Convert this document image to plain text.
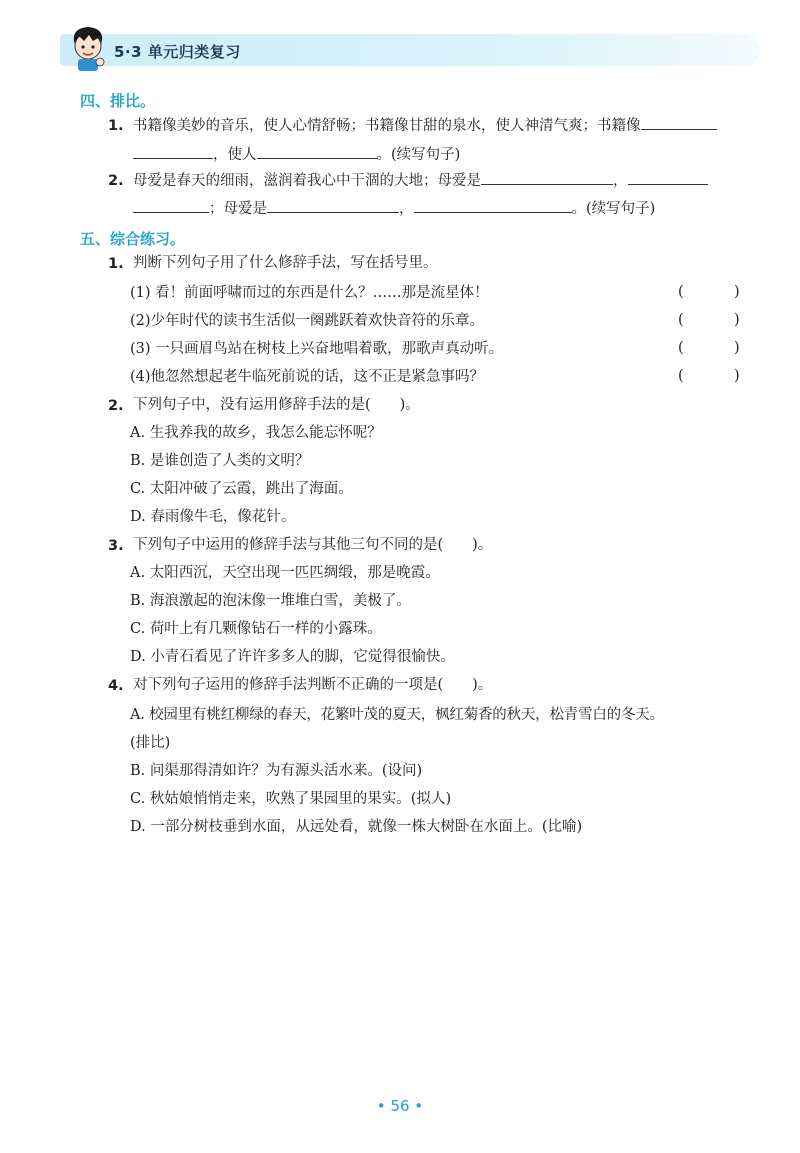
5·3 单元归类复习
四、排比。
1. 书籍像美妙的音乐，使人心情舒畅；书籍像甘甜的泉水，使人神清气爽；书籍像
，使人	。(续写句子)
2. 母爱是春天的细雨，滋润着我心中干涸的大地；母爱是	，
；母爱是	，	。(续写句子)
五、综合练习。
1. 判断下列句子用了什么修辞手法，写在括号里。
(1) 看！前面呼啸而过的东西是什么？……那是流星体！	(	)
(2)少年时代的读书生活似一阕跳跃着欢快音符的乐章。	(	)
(3) 一只画眉鸟站在树枝上兴奋地唱着歌，那歌声真动听。	(	)
(4)他忽然想起老牛临死前说的话，这不正是紧急事吗？	(	)
2. 下列句子中，没有运用修辞手法的是(　　)。
A. 生我养我的故乡，我怎么能忘怀呢？
B. 是谁创造了人类的文明？
C. 太阳冲破了云霞，跳出了海面。
D. 春雨像牛毛，像花针。
3. 下列句子中运用的修辞手法与其他三句不同的是(　　)。
A. 太阳西沉，天空出现一匹匹绸缎，那是晚霞。
B. 海浪激起的泡沫像一堆堆白雪，美极了。
C. 荷叶上有几颗像钻石一样的小露珠。
D. 小青石看见了许许多多人的脚，它觉得很愉快。
4. 对下列句子运用的修辞手法判断不正确的一项是(　　)。
A. 校园里有桃红柳绿的春天，花繁叶茂的夏天，枫红菊香的秋天，松青雪白的冬天。
(排比)
B. 问渠那得清如许？为有源头活水来。(设问)
C. 秋姑娘悄悄走来，吹熟了果园里的果实。(拟人)
D. 一部分树枝垂到水面，从远处看，就像一株大树卧在水面上。(比喻)
• 56 •
